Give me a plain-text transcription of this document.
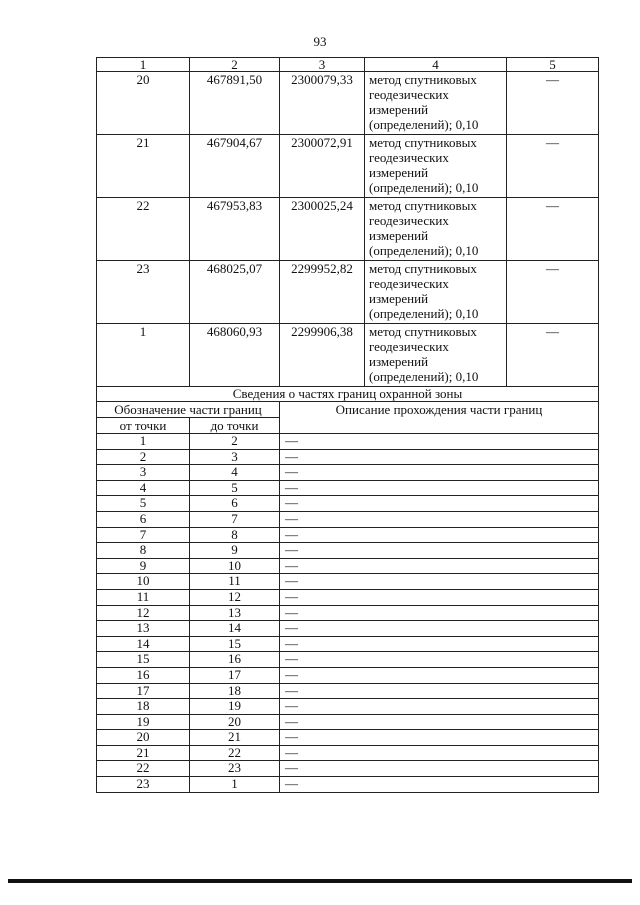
93
1	2	3	4	5
20	467891,50	2300079,33	метод спутниковых
геодезических
измерений
(определений); 0,10	—
21	467904,67	2300072,91	метод спутниковых
геодезических
измерений
(определений); 0,10	—
22	467953,83	2300025,24	метод спутниковых
геодезических
измерений
(определений); 0,10	—
23	468025,07	2299952,82	метод спутниковых
геодезических
измерений
(определений); 0,10	—
1	468060,93	2299906,38	метод спутниковых
геодезических
измерений
(определений); 0,10	—
Сведения о частях границ охранной зоны				
Обозначение части границ		Описание прохождения части границ		
от точки	до точки			
1	2	—		
2	3	—		
3	4	—		
4	5	—		
5	6	—		
6	7	—		
7	8	—		
8	9	—		
9	10	—		
10	11	—		
11	12	—		
12	13	—		
13	14	—		
14	15	—		
15	16	—		
16	17	—		
17	18	—		
18	19	—		
19	20	—		
20	21	—		
21	22	—		
22	23	—		
23	1	—		
